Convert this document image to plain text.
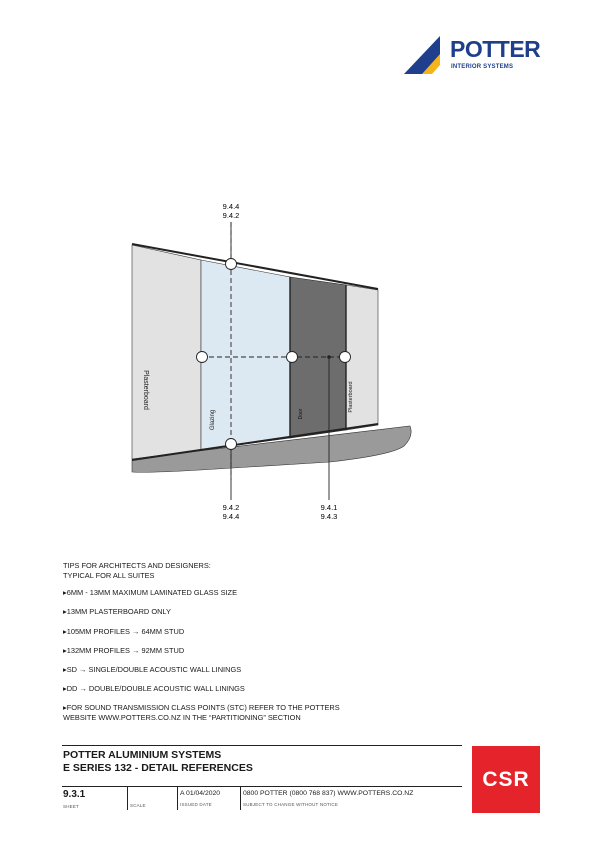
POTTER
INTERIOR SYSTEMS
9.4.4
9.4.2
9.4.2
9.4.4
9.4.1
9.4.3
Plasterboard
Glazing	Door
Plasterboard
TIPS FOR ARCHITECTS AND DESIGNERS:
TYPICAL FOR ALL SUITES
▸ 6MM - 13MM MAXIMUM LAMINATED GLASS SIZE
▸ 13MM PLASTERBOARD ONLY
▸ 105MM PROFILES → 64MM STUD
▸ 132MM PROFILES → 92MM STUD
▸ SD → SINGLE/DOUBLE ACOUSTIC WALL LININGS
▸ DD → DOUBLE/DOUBLE ACOUSTIC WALL LININGS
▸ FOR SOUND TRANSMISSION CLASS POINTS (STC) REFER TO THE POTTERS WEBSITE WWW.POTTERS.CO.NZ IN THE “PARTITIONING” SECTION
POTTER ALUMINIUM SYSTEMS
E SERIES 132 - DETAIL REFERENCES
9.3.1
SHEET	SCALE
A 01/04/2020
ISSUED DATE
0800 POTTER (0800 768 837) WWW.POTTERS.CO.NZ
SUBJECT TO CHANGE WITHOUT NOTICE
CSR
